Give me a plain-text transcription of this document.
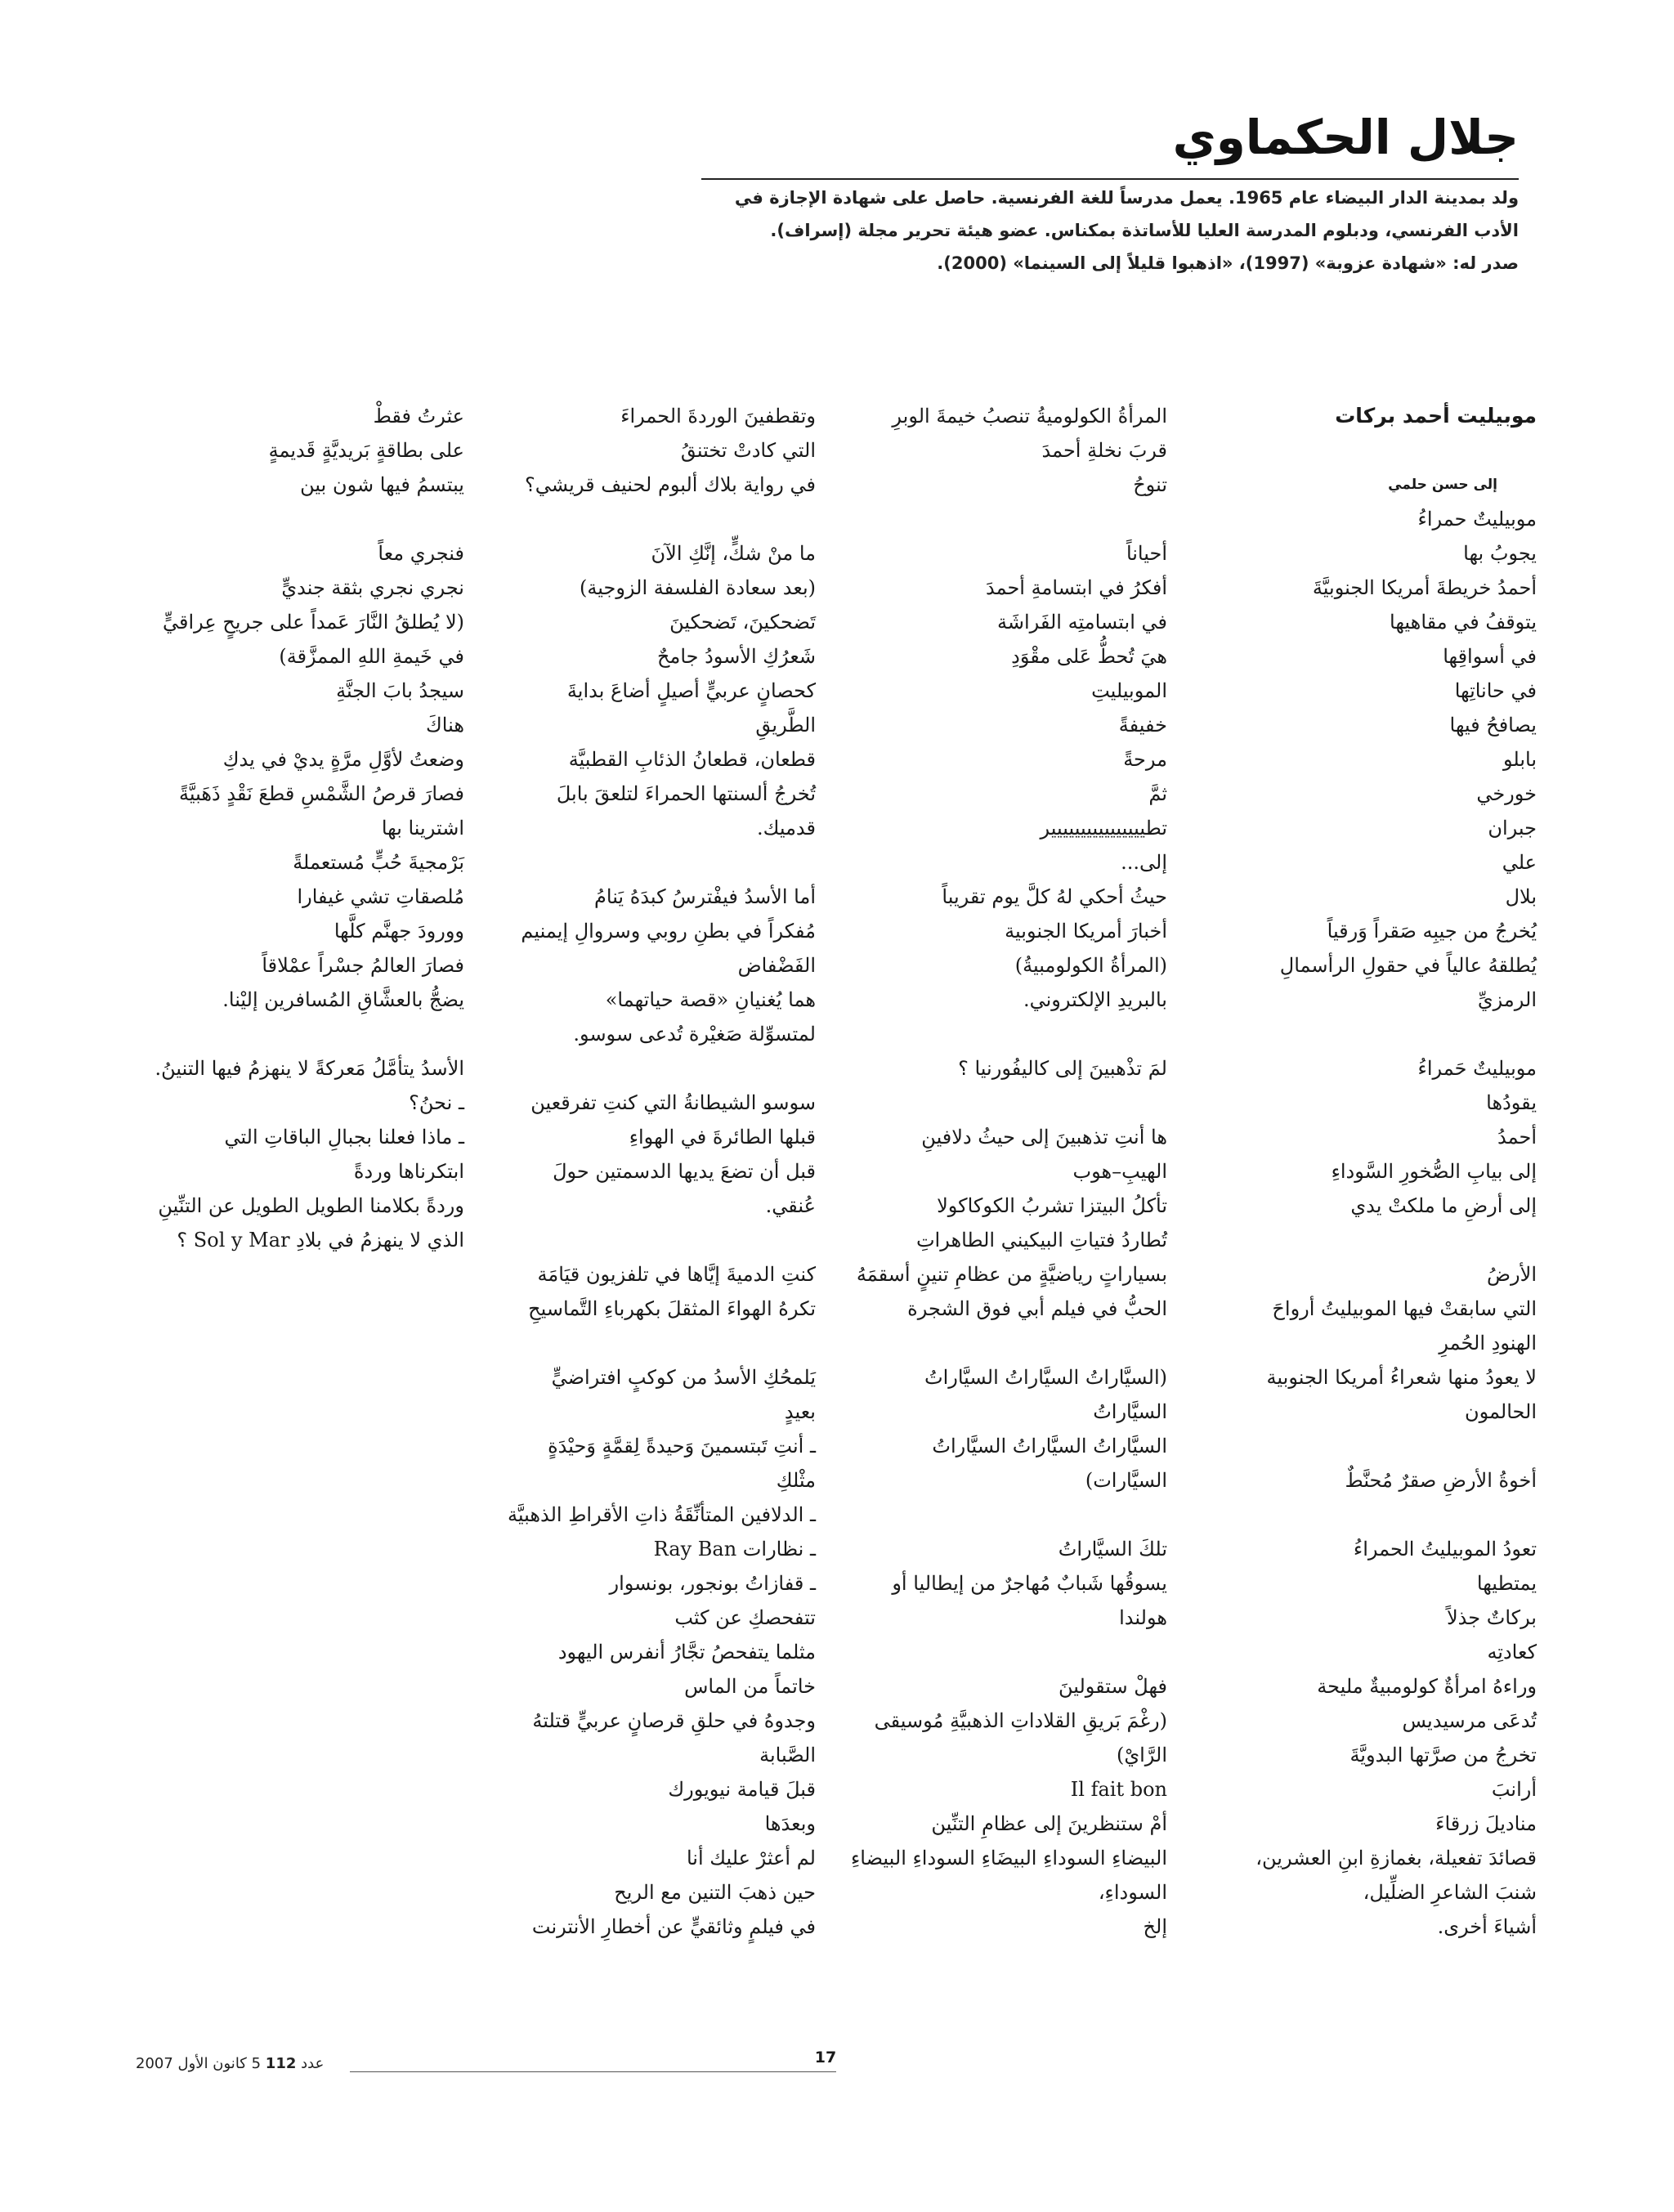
جلال الحكماوي

ولد بمدينة الدار البيضاء عام 1965. يعمل مدرساً للغة الفرنسية. حاصل على شهادة الإجازة في

الأدب الفرنسي، ودبلوم المدرسة العليا للأساتذة بمكناس. عضو هيئة تحرير مجلة (إسراف).

صدر له: «شهادة عزوبة» (1997)، «اذهبوا قليلاً إلى السينما» (2000).

موبيليت أحمد بركات
إلى حسن حلمي
موبيليتٌ حمراءُ
يجوبُ بها
أحمدُ خريطةَ أمريكا الجنوبيَّةَ
يتوقفُ في مقاهيها
في أسواقِها
في حاناتِها
يصافحُ فيها
بابلو
خورخي
جبران
علي
بلال
يُخرجُ من جيبِه صَقراً وَرقياً
يُطلقهُ عالياً في حقولِ الرأسمالِ
الرمزيِّ
موبيليتٌ حَمراءُ
يقودُها
أحمدُ
إلى بيابِ الصُّخورِ السَّوداءِ
إلى أرضِ ما ملكتْ يدي
الأرضُ
التي سابقتْ فيها الموبيليتُ أرواحَ
الهنودِ الحُمرِ
لا يعودُ منها شعراءُ أمريكا الجنوبية
الحالمون
أخوةُ الأرضِ صقرٌ مُحنَّطٌ
تعودُ الموبيليتُ الحمراءُ
يمتطيها
بركاتٌ جذلاً
كعادتِه
وراءهُ امرأةٌ كولومبيةٌ مليحة
تُدعَى مرسيديس
تخرجُ من صرَّتها البدويَّةَ
أرانبَ
مناديلَ زرقاءَ
قصائدَ تفعيلة، بغمازةِ ابنِ العشرين،
شنبَ الشاعرِ الضلِّيل،
أشياءَ أخرى.
المرأةُ الكولوميةُ تنصبُ خيمةَ الوبرِ
قربَ نخلةِ أحمدَ
تنوحُ
أحياناً
أفكرُ في ابتسامةِ أحمدَ
في ابتسامتِه الفَراشَة
هيَ تُحطُّ عَلى مقْوَدِ
الموبيليتِ
خفيفةً
مرحةً
ثمَّ
تطيييييييييييييييير
إلى...
حيثُ أحكي لهُ كلَّ يوم تقريباً
أخبارَ أمريكا الجنوبية
(المرأةُ الكولومبيةُ)
بالبريدِ الإلكتروني.
لمَ تذْهبينَ إلى كاليفُورنيا ؟
ها أنتِ تذهبينَ إلى حيثُ دلافينِ
الهيبِ–هوب
تأكلُ البيتزا تشربُ الكوكاكولا
تُطاردُ فتياتِ البيكيني الطاهراتِ
بسياراتٍ رياضيَّةٍ من عظامِ تنينٍ أسقمَهُ
الحبُّ في فيلم أبي فوق الشجرة
(السيَّاراتُ السيَّاراتُ السيَّاراتُ
السيَّاراتُ
السيَّاراتُ السيَّاراتُ السيَّاراتُ
السيَّارات)
تلكَ السيَّاراتُ
يسوقُها شَبابٌ مُهاجرٌ من إيطاليا أو
هولندا
فهلْ ستقولينَ
(رغْمَ بَريقِ القلاداتِ الذهبيَّةِ مُوسيقى
الرَّايْ)
Il fait bon
أمْ ستنظرينَ إلى عظامِ التنِّين
البيضاءِ السوداءِ البيضَاءِ السوداءِ البيضاءِ
السوداءِ،
إلخ
وتقطفينَ الوردةَ الحمراءَ
التي كادتْ تختنقُ
في رواية بلاك ألبوم لحنيف قريشي؟
ما منْ شكٍّ، إنَّكِ الآنَ
(بعد سعادة الفلسفة الزوجية)
تَضحكينَ، تَضحكينَ
شَعرُكِ الأسودُ جامحٌ
كحصانٍ عربيٍّ أصيلٍ أضاعَ بدايةَ
الطَّريقِ
قطعان، قطعانُ الذئابِ القطبيَّة
تُخرجُ ألسنتها الحمراءَ لتلعقَ بابلَ
قدميك.
أما الأسدُ فيفْترسُ كبدَهُ يَنامُ
مُفكراً في بطنِ روبي وسروالِ إيمنيم
الفَضْفاض
هما يُغنيانِ «قصة حياتهما»
لمتسوِّلة صَغيْرة تُدعى سوسو.
سوسو الشيطانةُ التي كنتِ تفرقعين
قبلها الطائرةَ في الهواءِ
قبل أن تضعَ يديها الدسمتين حولَ
عُنقي.
كنتِ الدميةَ إيَّاها في تلفزيون قيَامَة
تكرهُ الهواءَ المثقلَ بكهرباءِ التَّماسيحِ
يَلمحُكِ الأسدُ من كوكبٍ افتراضيٍّ
بعيدٍ
ـ أنتِ تَبتسمينَ وَحيدةً لِقمَّةٍ وَحيْدَةٍ
مثْلكِ
ـ الدلافين المتأنِّقَةُ ذاتِ الأقراطِ الذهبيَّة
ـ نظارات Ray Ban
ـ قفازاتُ بونجور، بونسوار
تتفحصكِ عن كثب
مثلما يتفحصُ تجَّارُ أنفرس اليهود
خاتماً من الماس
وجدوهُ في حلقِ قرصانٍ عربيٍّ قتلتهُ
الصَّبابة
قبلَ قيامة نيويورك
وبعدَها
لم أعثرْ عليك أنا
حين ذهبَ التنين مع الريح
في فيلمٍ وثائقيٍّ عن أخطارِ الأنترنت
عثرتُ فقطْ
على بطاقةٍ بَريديَّةٍ قَديمةٍ
يبتسمُ فيها شون بين
فنجري معاً
نجري نجري بثقة جنديٍّ
(لا يُطلقُ النَّارَ عَمداً على جريحٍ عِراقيٍّ
في خَيمةِ اللهِ الممزَّقة)
سيجدُ بابَ الجنَّةِ
هناكَ
وضعتُ لأوَّلِ مرَّةٍ يديْ في يدكِ
فصارَ قرصُ الشَّمْسِ قطعَ نَقْدٍ ذَهَبيَّةً
اشترينا بها
بَرْمجيةَ حُبٍّ مُستعملةً
مُلصقاتِ تشي غيفارا
وورودَ جهنَّم كلَّها
فصارَ العالمُ جسْراً عمْلاقاً
يضجُّ بالعشَّاقِ المُسافرين إليْنا.
الأسدُ يتأمَّلُ مَعركةً لا ينهزمُ فيها التنينُ.
ـ نحنُ؟
ـ ماذا فعلنا بجبالِ الباقاتِ التي
ابتكرناها وردةً
وردةً بكلامنا الطويل الطويل عن التنِّينِ
الذي لا ينهزمُ في بلادِ Sol y Mar ؟
17
عدد 112 5 كانون الأول 2007
